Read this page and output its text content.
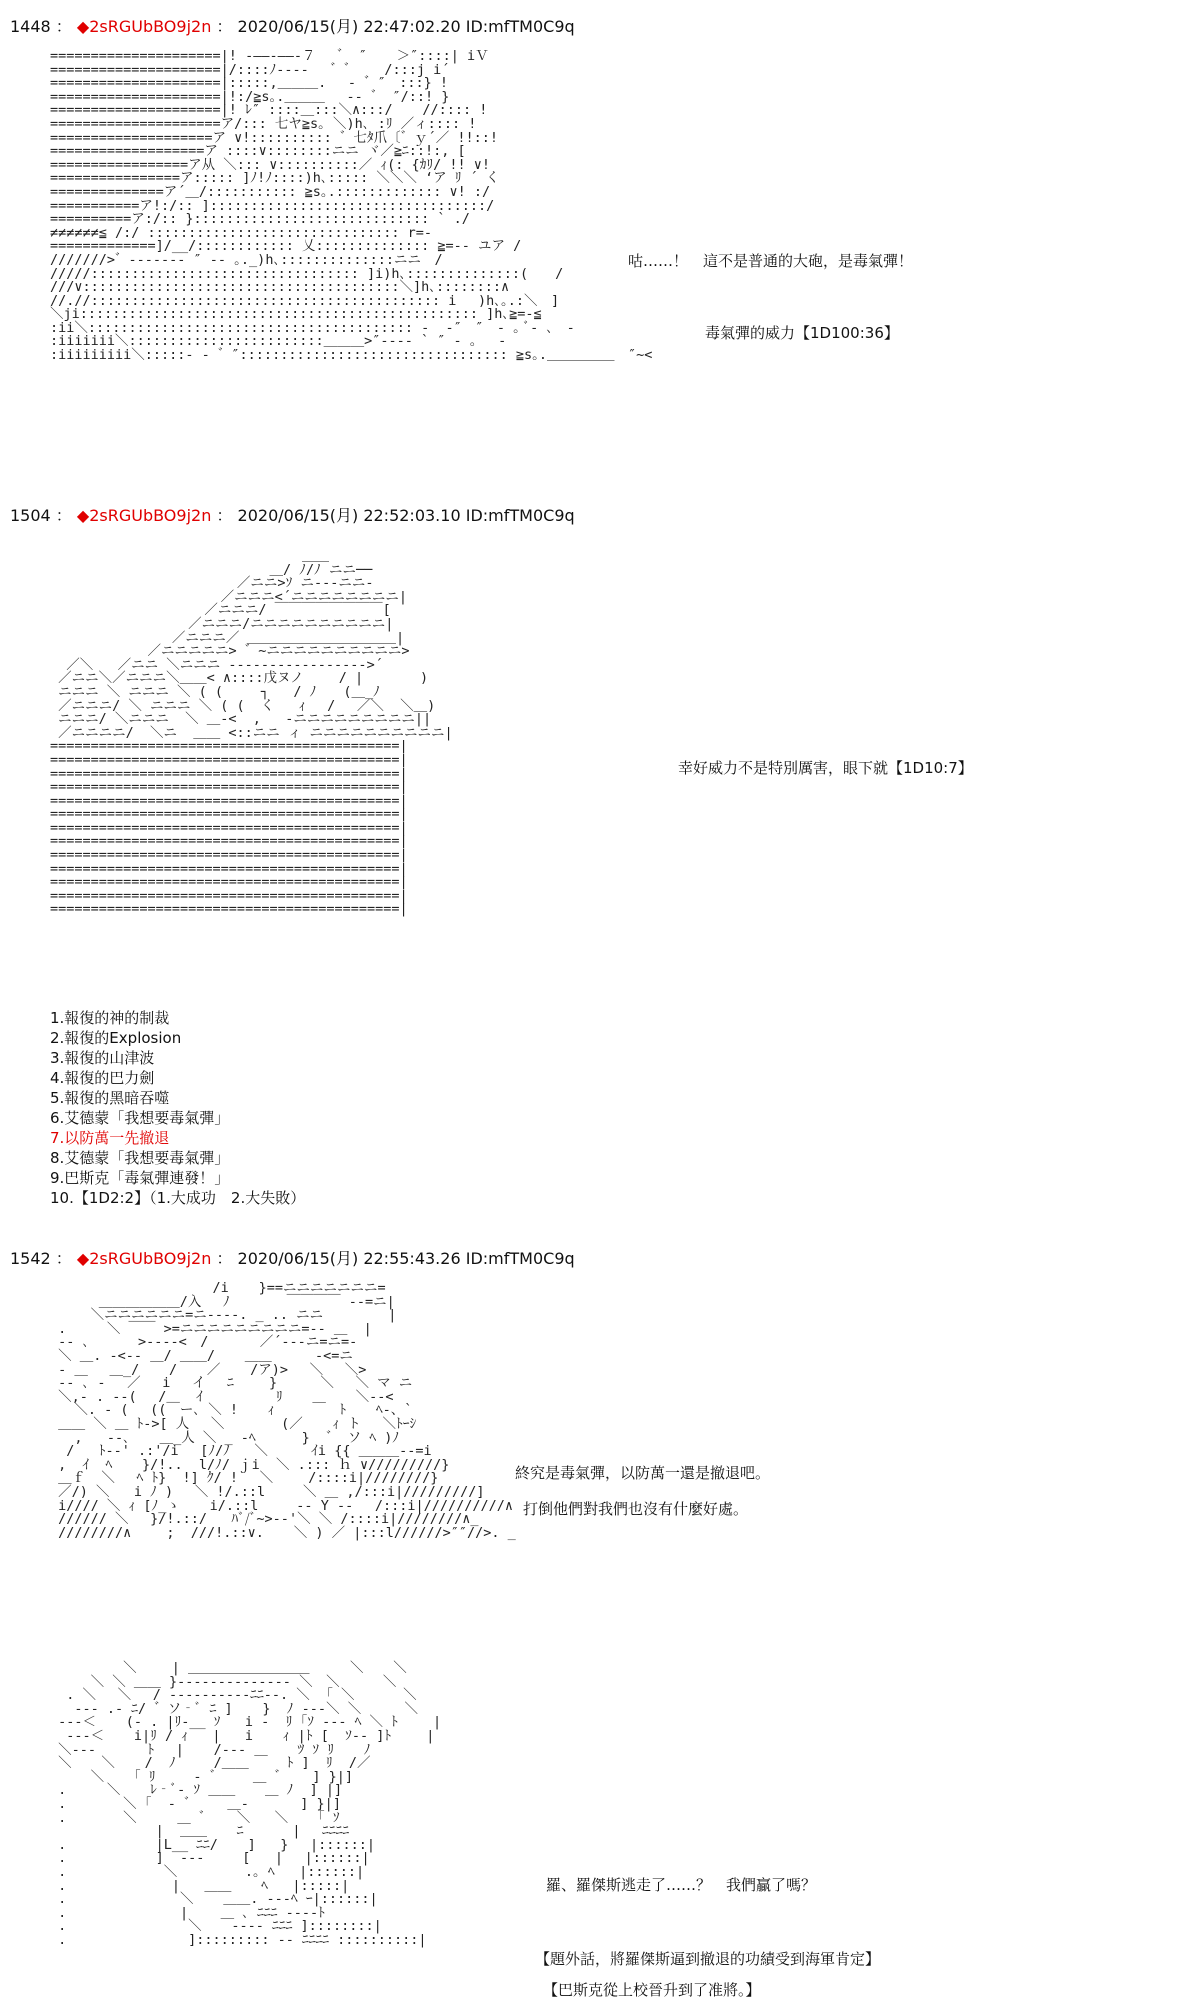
1448 ： ◆2sRGUbBO9j2n ： 2020/06/15(月) 22:47:02.20 ID:mfTM0C9q
=====================|! -――-――-７ 　゛ ″ 　 ＞″::::| iＶ
=====================|/::::ﾉ‐‐‐‐ 　゛゛　　/:::j i´
=====================|:::::,＿＿＿. 　‐ ゛″　:::} !
=====================|!:/≧s｡.＿＿＿ 　-‐ ゛ ″/::! }
=====================|! ﾚ″ ::::＿:::＼∧:::/ 　 //:::: !
=====================ア/::: 七ヤ≧s｡ ＼)h､ :ﾘ ／ィ:::: !
====================ア ∨!:::::::::: ゛七ﾀ爪〔゛ｙ´／ !!::!
===================ア ::::∨::::::::ニニ ヾ／≧ﾆ::!:, [
=================ア从 ＼::: ∨::::::::::／ ｨ(: {ｶﾘ/ !! ∨!
================ア::::: ]ﾉ!ﾉ::::)h､::::: ＼＼＼ ‘ア ﾘ ´ く
==============ア´＿/::::::::::: ≧s｡.::::::::::::: ∨! :/
===========ア!:/:: ]::::::::::::::::::::::::::::::::::/
==========ア:/:: }::::::::::::::::::::::::::::: ` ./
≠≠≠≠≠≠≦ /:/ ::::::::::::::::::::::::::::::: r=‐
=============]/__/:::::::::::: 乂:::::::::::::: ≧=-- ユア /
///////>゛‐‐‐‐‐‐‐ ″ ‐‐ ｡._)h､::::::::::::::ニニ　/
/////::::::::::::::::::::::::::::::::: ]i)h､::::::::::::::(　　/
///∨:::::::::::::::::::::::::::::::::::::::＼]h､::::::::∧
//.//::::::::::::::::::::::::::::::::::::::::::: i 　)h､｡.:＼　]
＼ji::::::::::::::::::::::::::::::::::::::::::::::::: ]h､≧=-≦
:ii＼:::::::::::::::::::::::::::::::::::::::: ‐  ‐″　″　‐ ｡ ﾞ‐ ､　‐
:iiiiiii＼::::::::::::::::::::::::＿＿＿>″‐‐‐‐ ` ″ ‐ ｡ 　‐
:iiiiiiiii＼:::::‐ ‐ ゛″::::::::::::::::::::::::::::::::: ≧s｡.＿＿＿＿＿　″~<
咕……！　這不是普通的大砲，是毒氣彈！
毒氣彈的威力【1D100:36】
1504 ： ◆2sRGUbBO9j2n ： 2020/06/15(月) 22:52:03.10 ID:mfTM0C9q
＿＿
＿/ ﾉ/ﾉ ニニ──
／ニニ>ｿ ニ‐‐‐ニニ‐
／ニニニ<´ニニニニニニニニ|
／ニニニ/ ￣￣￣￣￣￣￣￣[
／ニニニ/ニニニニニニニニニニ|
／ニニニ／ ＿＿＿＿＿＿＿＿＿＿＿|
／ニニニニニ> ゛~ニニニニニニニニニニ>
／＼   ／ニニ ＼ニニニ ‐‐‐‐‐‐‐‐‐‐‐‐‐‐‐‐‐>´
／ニニ＼／ニニニ＼＿＿< ∧::::戊ヌノ 　　/ |       )
ニニニ ＼ ニニニ ＼ ( (   　┐   / ﾉ　　(＿_ﾉ
／ニニニ/ ＼ ニニニ ＼ ( (  く   ｨ 　/　 ／＼  ＼＿)
ニニニ/ ＼ニニニ  ＼ ＿‐<  ,   ‐ニニニニニニニニニ||
／ニニニニ/  ＼ニ  ＿＿ <::ニニ ィ ニニニニニニニニニニ|
===========================================|
===========================================|
===========================================|
===========================================|
===========================================|
===========================================|
===========================================|
===========================================|
===========================================|
===========================================|
===========================================|
===========================================|
===========================================|
幸好威力不是特別厲害，眼下就【1D10:7】
1.報復的神的制裁
2.報復的Explosion
3.報復的山津波
4.報復的巴力劍
5.報復的黑暗吞噬
6.艾德蒙「我想要毒氣彈」
7.以防萬一先撤退
8.艾德蒙「我想要毒氣彈」
9.巴斯克「毒氣彈連發！」
10.【1D2:2】（1.大成功　2.大失敗）
1542 ： ◆2sRGUbBO9j2n ： 2020/06/15(月) 22:55:43.26 ID:mfTM0C9q
/i 　 }==ニニニニニニニ=
＿＿＿＿＿＿/入　 ﾉ       ￣￣￣￣ ‐-=ニ|
＼ニニニニニニ=ニ‐‐‐‐. _ .. ニニ        |
.     ＼ ￣￣ >=ニニニニニニニニニ=‐- ＿  |
‐‐ ､      >‐‐‐‐<　/ 　 　 ／´‐-‐ニ=ニ=-
＼ ＿. ‐<‐‐ ＿/ ＿＿/ 　 ＿＿　　  ‐<=ニ
‐ ＿ 　＿_/ 　 / 　 ／ 　 /ア)>　 ＼　 ＼>
‐- ､ ‐ 　／　 i 　イ 　ﾆ　　 } 　　 ＼　 ＼ マ ニ
＼,‐ . ‐‐( 　/ 　 ｲ 　 　 　 ﾘ 　 ＿ 　 ＼-‐<
＼. ‐ ( 　((￣ー､ ＼ ! 　 ｨ 　　 　 ﾄ 　 ﾍ-、`
＿＿ ＼ ＿ ﾄ‐>[ 人　 ＼ 　 　　(／ 　 ｨ ト 　＼ﾄｰｼ
,   ‐‐､ 　 ＿_人 ＼ _ ‐ﾍ   　 }  ゛ ソ ﾍ )ﾉ
/   ﾄ‐-' .:'/i 　[ﾉ/ﾉ   ＼ 　　 ｲi {{ ＿＿＿‐‐=i
,  ｲ  ﾍ 　 }/!..  l/ﾉ/ ｊi  ＼ .::: ｈ ∨/////////}
＿ｆ  ＼ 　ﾍ ﾄ}  !] ｸ/ ! 　＼　　 /::::i|////////}
／/) ＼   i ﾉ ) 　＼ !/.::l  　 ＼ ＿ ,/:::i|/////////]
i//// ＼ ｨ [ﾉ_ゝ 　 i/.::l 　  ‐‐ Y ‐‐ 　/:::i|//////////∧
////// ＼ 　}/!.::/   ﾊﾞ/ﾞ~>‐‐'＼ ＼ /::::i|////////∧_
////////∧ 　　;  ///!.::∨. 　 ＼ ) ／ |:::l//////>″″//>. _
終究是毒氣彈，以防萬一還是撤退吧。
打倒他們對我們也沒有什麼好處。
＼ 　　| ＿＿＿＿＿＿＿＿＿　　　＼ 　 ＼
＼ ＼ ＿＿ }‐‐‐‐‐‐‐‐‐‐‐‐‐‐ ＼　＼ 　　 ＼
. ＼ 　＼ 　/ ‐‐‐‐‐‐‐‐‐‐ﾆﾆ‐‐. ＼  ｢ ＼ 　　　＼
‐‐‐ .‐ ﾆ/ ゛ソ‐ﾞ ﾆ ] 　 }  ﾉ ‐‐‐＼ ＼ 　　 ＼
‐‐‐＜ 　 (‐ . |ﾘ‐__ ｿ   i ‐  ﾘ ｢ｿ ‐‐‐ ﾍ ＼ ﾄ 　　|
‐‐‐＜ 　 i|ﾘ / ｨ   |   i 　 ｨ |ﾄ [  ｿ‐‐ ]ﾄ 　　|
＼‐‐‐ 　　  ﾄ 　| 　 /‐‐‐ ＿ 　 ﾂ ｿ ﾘ 　 ﾉ
＼ 　 ＼ 　 /  ﾉ 　  /＿＿ 　  ﾄ ]  ﾘ  /／
＼ 　 ｢ ﾘ 　  ‐ ゛ 　 ＿ ゛   ] }|]
.     ＼ 　 ﾚ‐ﾞ‐ ｿ ＿＿ 　 ＿ ﾉ  ] |]
.       ＼ ｢  ‐ ゛ 　 ＿‐ 　 　 ] }|]
.       ＼     ＿ ゛   ＼   ＼ 　 ｢ ｿ
|  ＿＿ 　 ﾆ      | 　ﾆﾆﾆﾆ
.           |L__ ﾆﾆ/ 　 ]   } 　|::::::|
.           ]  ‐‐‐  　 [   | 　|::::::|
.            ＼ 　   　 .｡ ﾍ   |::::::|
.             |   ＿＿ 　 ﾍ   |:::::|
.              ＼ 　 ＿＿. ‐‐‐ﾍ ｰ|::::::|
.              |    ＿ ､ ﾆﾆﾆ ‐‐‐‐ﾄ
.               ＼ 　 ‐‐‐‐ ﾆﾆﾆ ]::::::::|
.               ]::::::::: ‐‐ ﾆﾆﾆﾆ ::::::::::|
羅、羅傑斯逃走了……？　我們贏了嗎？
【題外話，將羅傑斯逼到撤退的功績受到海軍肯定】
【巴斯克從上校晉升到了准將。】
